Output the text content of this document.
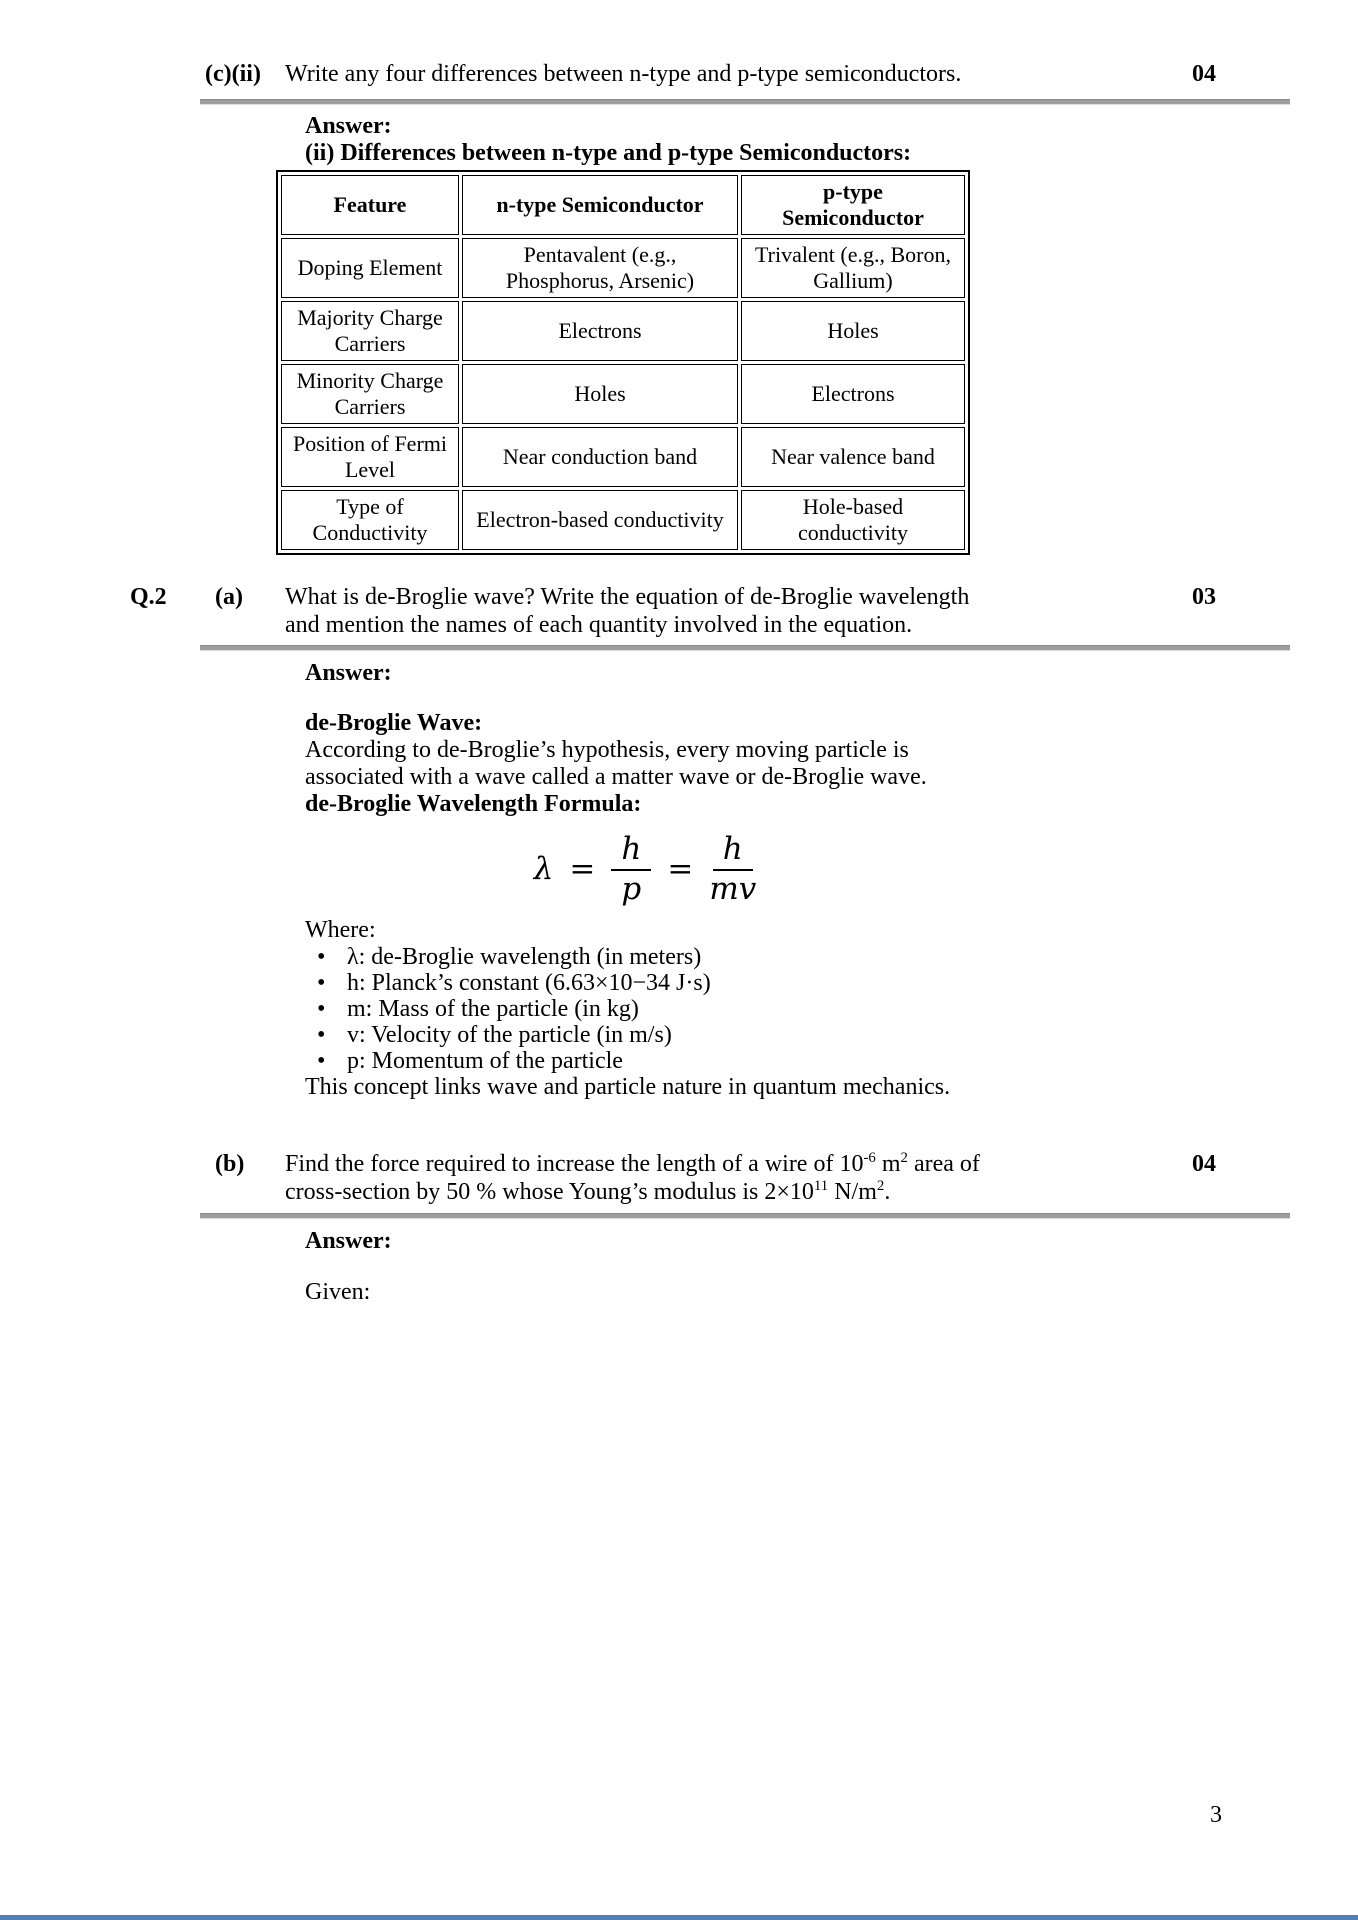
(c)(ii) Write any four differences between n-type and p-type semiconductors.	04
Answer:
(ii) Differences between n-type and p-type Semiconductors:
Feature	n-type Semiconductor	p-type Semiconductor
Doping Element	Pentavalent (e.g., Phosphorus, Arsenic)	Trivalent (e.g., Boron, Gallium)
Majority Charge Carriers	Electrons	Holes
Minority Charge Carriers	Holes	Electrons
Position of Fermi Level	Near conduction band	Near valence band
Type of Conductivity	Electron-based conductivity	Hole-based conductivity
Q.2 (a) What is de-Broglie wave? Write the equation of de-Broglie wavelength
and mention the names of each quantity involved in the equation.
03
Answer:
de-Broglie Wave:
According to de-Broglie’s hypothesis, every moving particle is
associated with a wave called a matter wave or de-Broglie wave.
de-Broglie Wavelength Formula:
$\lambda = \frac{h}{p} = \frac{h}{mv}$
Where:
• λ: de-Broglie wavelength (in meters)
• h: Planck’s constant (6.63×10−34 J·s)
• m: Mass of the particle (in kg)
• v: Velocity of the particle (in m/s)
• p: Momentum of the particle
This concept links wave and particle nature in quantum mechanics.
(b) Find the force required to increase the length of a wire of $10^{-6}$ $m^2$ area of
cross-section by 50 % whose Young’s modulus is $2\times 10^{11}$ $N/m^2$.
04
Answer:
Given:
3
